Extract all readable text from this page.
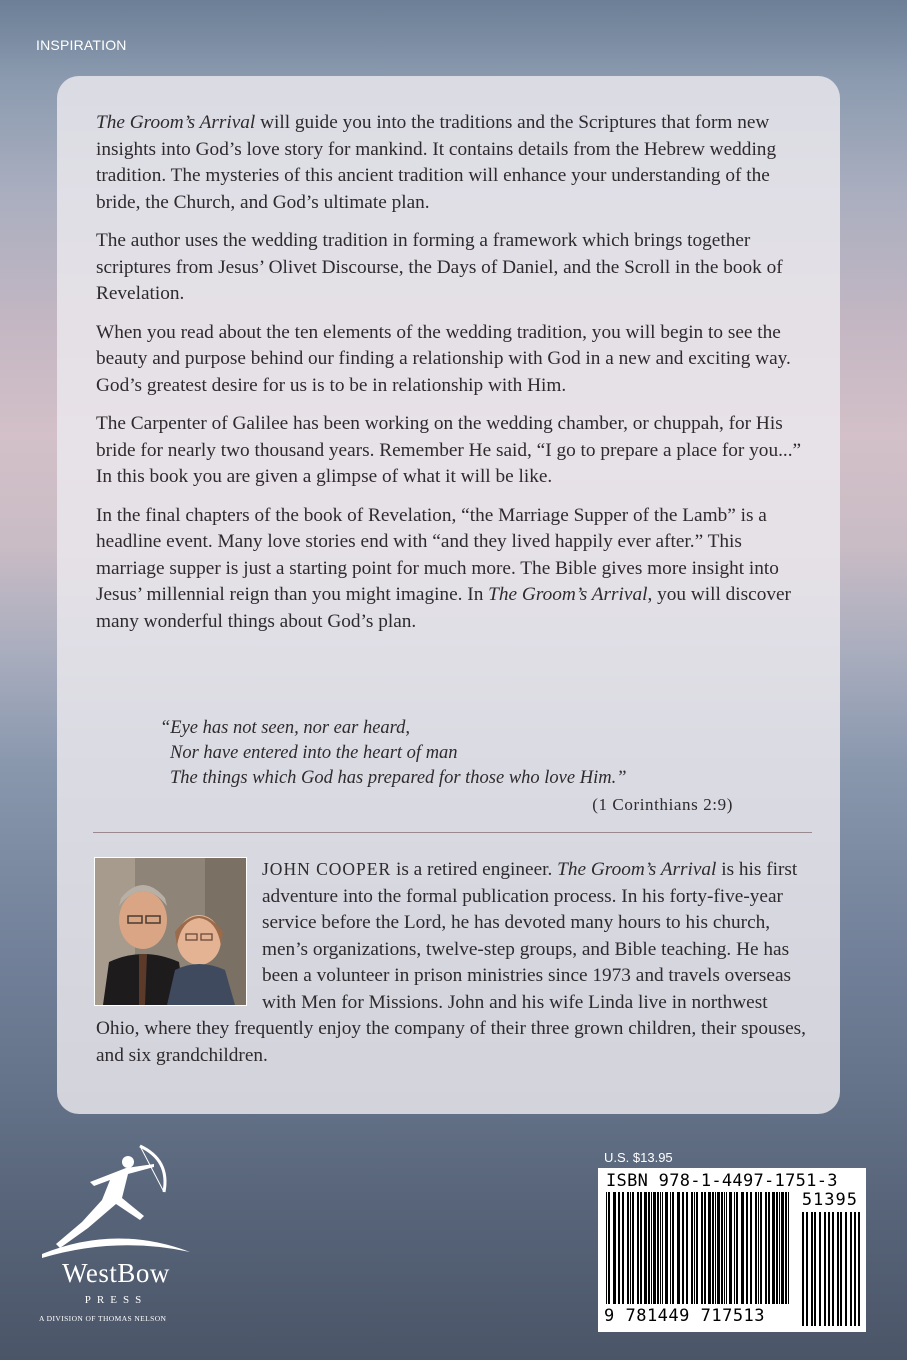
INSPIRATION

The Groom’s Arrival will guide you into the traditions and the Scriptures that form new insights into God’s love story for mankind. It contains details from the Hebrew wedding tradition. The mysteries of this ancient tradition will enhance your understanding of the bride, the Church, and God’s ultimate plan.

The author uses the wedding tradition in forming a framework which brings together scriptures from Jesus’ Olivet Discourse, the Days of Daniel, and the Scroll in the book of Revelation.

When you read about the ten elements of the wedding tradition, you will begin to see the beauty and purpose behind our finding a relationship with God in a new and exciting way. God’s greatest desire for us is to be in relationship with Him.

The Carpenter of Galilee has been working on the wedding chamber, or chuppah, for His bride for nearly two thousand years. Remember He said, “I go to prepare a place for you...” In this book you are given a glimpse of what it will be like.

In the final chapters of the book of Revelation, “the Marriage Supper of the Lamb” is a headline event. Many love stories end with “and they lived happily ever after.” This marriage supper is just a starting point for much more. The Bible gives more insight into Jesus’ millennial reign than you might imagine. In The Groom’s Arrival, you will discover many wonderful things about God’s plan.

“Eye has not seen, nor ear heard,
Nor have entered into the heart of man
The things which God has prepared for those who love Him.”
(1 Corinthians 2:9)
JOHN COOPER is a retired engineer. The Groom’s Arrival is his first adventure into the formal publication process. In his forty-five-year service before the Lord, he has devoted many hours to his church, men’s organizations, twelve-step groups, and Bible teaching. He has been a volunteer in prison ministries since 1973 and travels overseas with Men for Missions. John and his wife Linda live in northwest Ohio, where they frequently enjoy the company of their three grown children, their spouses, and six grandchildren.
U.S. $13.95
ISBN 978-1-4497-1751-3
51395
9 781449 717513
WestBow
PRESS
A DIVISION OF THOMAS NELSON
